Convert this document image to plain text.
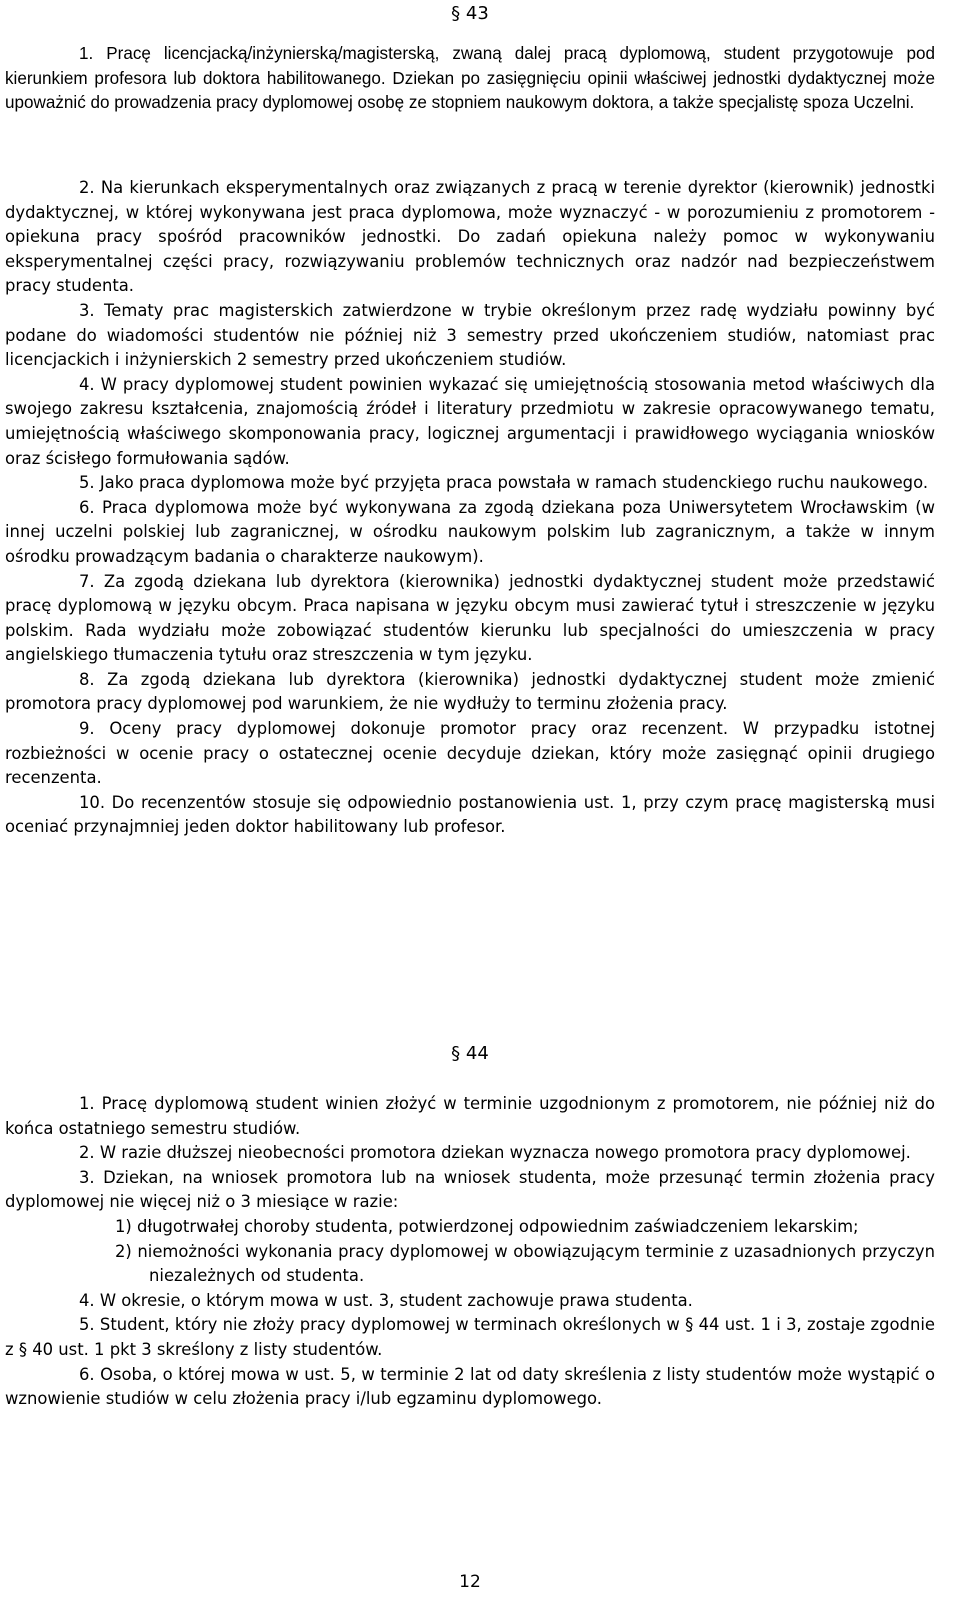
§ 43

1. Pracę licencjacką/inżynierską/magisterską, zwaną dalej pracą dyplomową, student przygotowuje pod kierunkiem profesora lub doktora habilitowanego. Dziekan po zasięgnięciu opinii właściwej jednostki dydaktycznej może upoważnić do prowadzenia pracy dyplomowej osobę ze stopniem naukowym doktora, a także specjalistę spoza Uczelni.

2. Na kierunkach eksperymentalnych oraz związanych z pracą w terenie dyrektor (kierownik) jednostki dydaktycznej, w której wykonywana jest praca dyplomowa, może wyznaczyć - w porozumieniu z promotorem - opiekuna pracy spośród pracowników jednostki. Do zadań opiekuna należy pomoc w wykonywaniu eksperymentalnej części pracy, rozwiązywaniu problemów technicznych oraz nadzór nad bezpieczeństwem pracy studenta.

3. Tematy prac magisterskich zatwierdzone w trybie określonym przez radę wydziału powinny być podane do wiadomości studentów nie później niż 3 semestry przed ukończeniem studiów, natomiast prac licencjackich i inżynierskich 2 semestry przed ukończeniem studiów.

4. W pracy dyplomowej student powinien wykazać się umiejętnością stosowania metod właściwych dla swojego zakresu kształcenia, znajomością źródeł i literatury przedmiotu w zakresie opracowywanego tematu, umiejętnością właściwego skomponowania pracy, logicznej argumentacji i prawidłowego wyciągania wniosków oraz ścisłego formułowania sądów.

5. Jako praca dyplomowa może być przyjęta praca powstała w ramach studenckiego ruchu naukowego.

6. Praca dyplomowa może być wykonywana za zgodą dziekana poza Uniwersytetem Wrocławskim (w innej uczelni polskiej lub zagranicznej, w ośrodku naukowym polskim lub zagranicznym, a także w innym ośrodku prowadzącym badania o charakterze naukowym).

7. Za zgodą dziekana lub dyrektora (kierownika) jednostki dydaktycznej student może przedstawić pracę dyplomową w języku obcym. Praca napisana w języku obcym musi zawierać tytuł i streszczenie w języku polskim. Rada wydziału może zobowiązać studentów kierunku lub specjalności do umieszczenia w pracy angielskiego tłumaczenia tytułu oraz streszczenia w tym języku.

8. Za zgodą dziekana lub dyrektora (kierownika) jednostki dydaktycznej student może zmienić promotora pracy dyplomowej pod warunkiem, że nie wydłuży to terminu złożenia pracy.

9. Oceny pracy dyplomowej dokonuje promotor pracy oraz recenzent. W przypadku istotnej rozbieżności w ocenie pracy o ostatecznej ocenie decyduje dziekan, który może zasięgnąć opinii drugiego recenzenta.

10. Do recenzentów stosuje się odpowiednio postanowienia ust. 1, przy czym pracę magisterską musi oceniać przynajmniej jeden doktor habilitowany lub profesor.

§ 44

1. Pracę dyplomową student winien złożyć w terminie uzgodnionym z promotorem, nie później niż do końca ostatniego semestru studiów.

2. W razie dłuższej nieobecności promotora dziekan wyznacza nowego promotora pracy dyplomowej.

3. Dziekan, na wniosek promotora lub na wniosek studenta, może przesunąć termin złożenia pracy dyplomowej nie więcej niż o 3 miesiące w razie:

1) długotrwałej choroby studenta, potwierdzonej odpowiednim zaświadczeniem lekarskim;
2) niemożności wykonania pracy dyplomowej w obowiązującym terminie z uzasadnionych przyczyn niezależnych od studenta.

4. W okresie, o którym mowa w ust. 3, student zachowuje prawa studenta.

5. Student, który nie złoży pracy dyplomowej w terminach określonych w § 44 ust. 1 i 3, zostaje zgodnie z § 40 ust. 1 pkt 3 skreślony z listy studentów.

6. Osoba, o której mowa w ust. 5, w terminie 2 lat od daty skreślenia z listy studentów może wystąpić o wznowienie studiów w celu złożenia pracy i/lub egzaminu dyplomowego.

12
